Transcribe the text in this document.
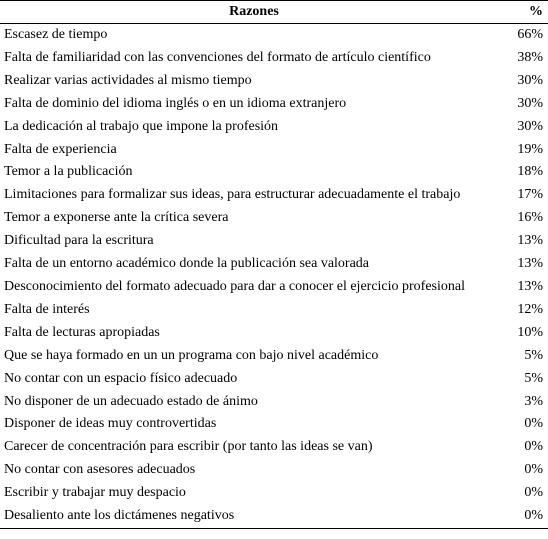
Razones	%
Escasez de tiempo	66%
Falta de familiaridad con las convenciones del formato de artículo científico	38%
Realizar varias actividades al mismo tiempo	30%
Falta de dominio del idioma inglés o en un idioma extranjero	30%
La dedicación al trabajo que impone la profesión	30%
Falta de experiencia	19%
Temor a la publicación	18%
Limitaciones para formalizar sus ideas, para estructurar adecuadamente el trabajo	17%
Temor a exponerse ante la crítica severa	16%
Dificultad para la escritura	13%
Falta de un entorno académico donde la publicación sea valorada	13%
Desconocimiento del formato adecuado para dar a conocer el ejercicio profesional	13%
Falta de interés	12%
Falta de lecturas apropiadas	10%
Que se haya formado en un un programa con bajo nivel académico	5%
No contar con un espacio físico adecuado	5%
No disponer de un adecuado estado de ánimo	3%
Disponer de ideas muy controvertidas	0%
Carecer de concentración para escribir (por tanto las ideas se van)	0%
No contar con asesores adecuados	0%
Escribir y trabajar muy despacio	0%
Desaliento ante los dictámenes negativos	0%
